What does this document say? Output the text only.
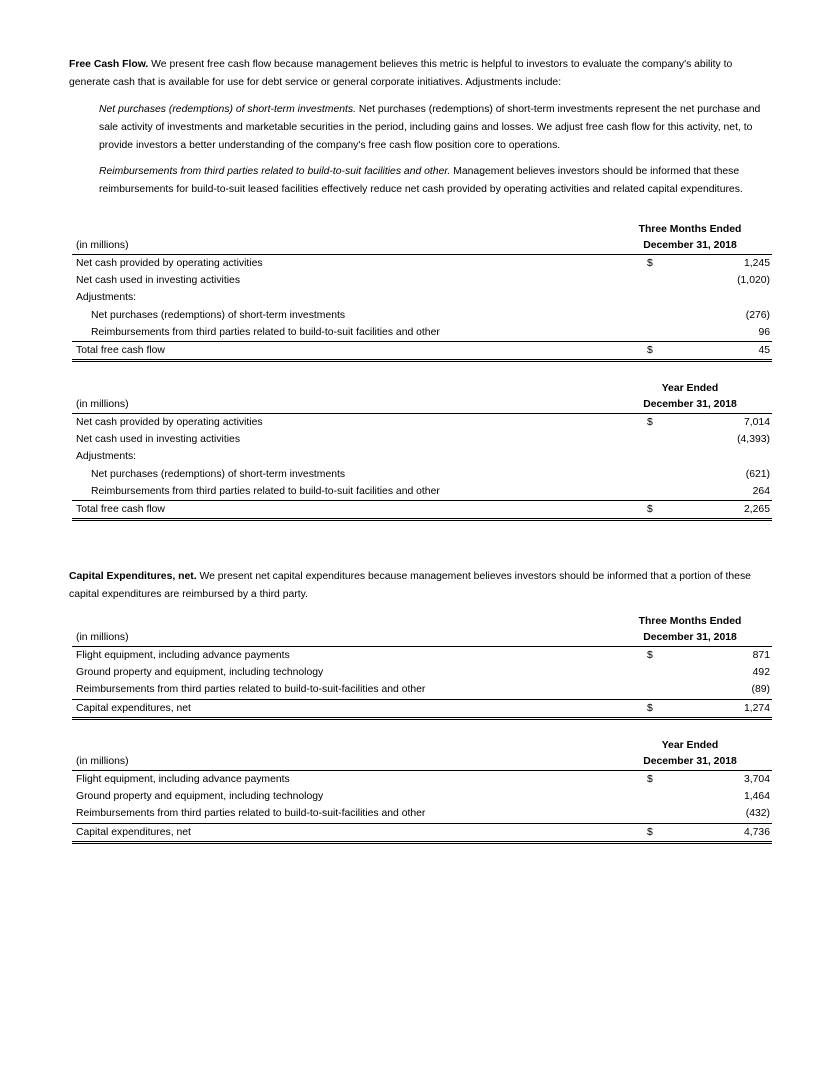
Free Cash Flow. We present free cash flow because management believes this metric is helpful to investors to evaluate the company's ability to generate cash that is available for use for debt service or general corporate initiatives. Adjustments include:

Net purchases (redemptions) of short-term investments. Net purchases (redemptions) of short-term investments represent the net purchase and sale activity of investments and marketable securities in the period, including gains and losses. We adjust free cash flow for this activity, net, to provide investors a better understanding of the company's free cash flow position core to operations.

Reimbursements from third parties related to build-to-suit facilities and other. Management believes investors should be informed that these reimbursements for build-to-suit leased facilities effectively reduce net cash provided by operating activities and related capital expenditures.

Three Months Ended
(in millions)	December 31, 2018
Net cash provided by operating activities	$	1,245
Net cash used in investing activities	(1,020)
Adjustments:
Net purchases (redemptions) of short-term investments	(276)
Reimbursements from third parties related to build-to-suit facilities and other	96
Total free cash flow	$	45
Year Ended
(in millions)	December 31, 2018
Net cash provided by operating activities	$	7,014
Net cash used in investing activities	(4,393)
Adjustments:
Net purchases (redemptions) of short-term investments	(621)
Reimbursements from third parties related to build-to-suit facilities and other	264
Total free cash flow	$	2,265

Capital Expenditures, net. We present net capital expenditures because management believes investors should be informed that a portion of these capital expenditures are reimbursed by a third party.

Three Months Ended
(in millions)	December 31, 2018
Flight equipment, including advance payments	$	871
Ground property and equipment, including technology	492
Reimbursements from third parties related to build-to-suit-facilities and other	(89)
Capital expenditures, net	$	1,274
Year Ended
(in millions)	December 31, 2018
Flight equipment, including advance payments	$	3,704
Ground property and equipment, including technology	1,464
Reimbursements from third parties related to build-to-suit-facilities and other	(432)
Capital expenditures, net	$	4,736
